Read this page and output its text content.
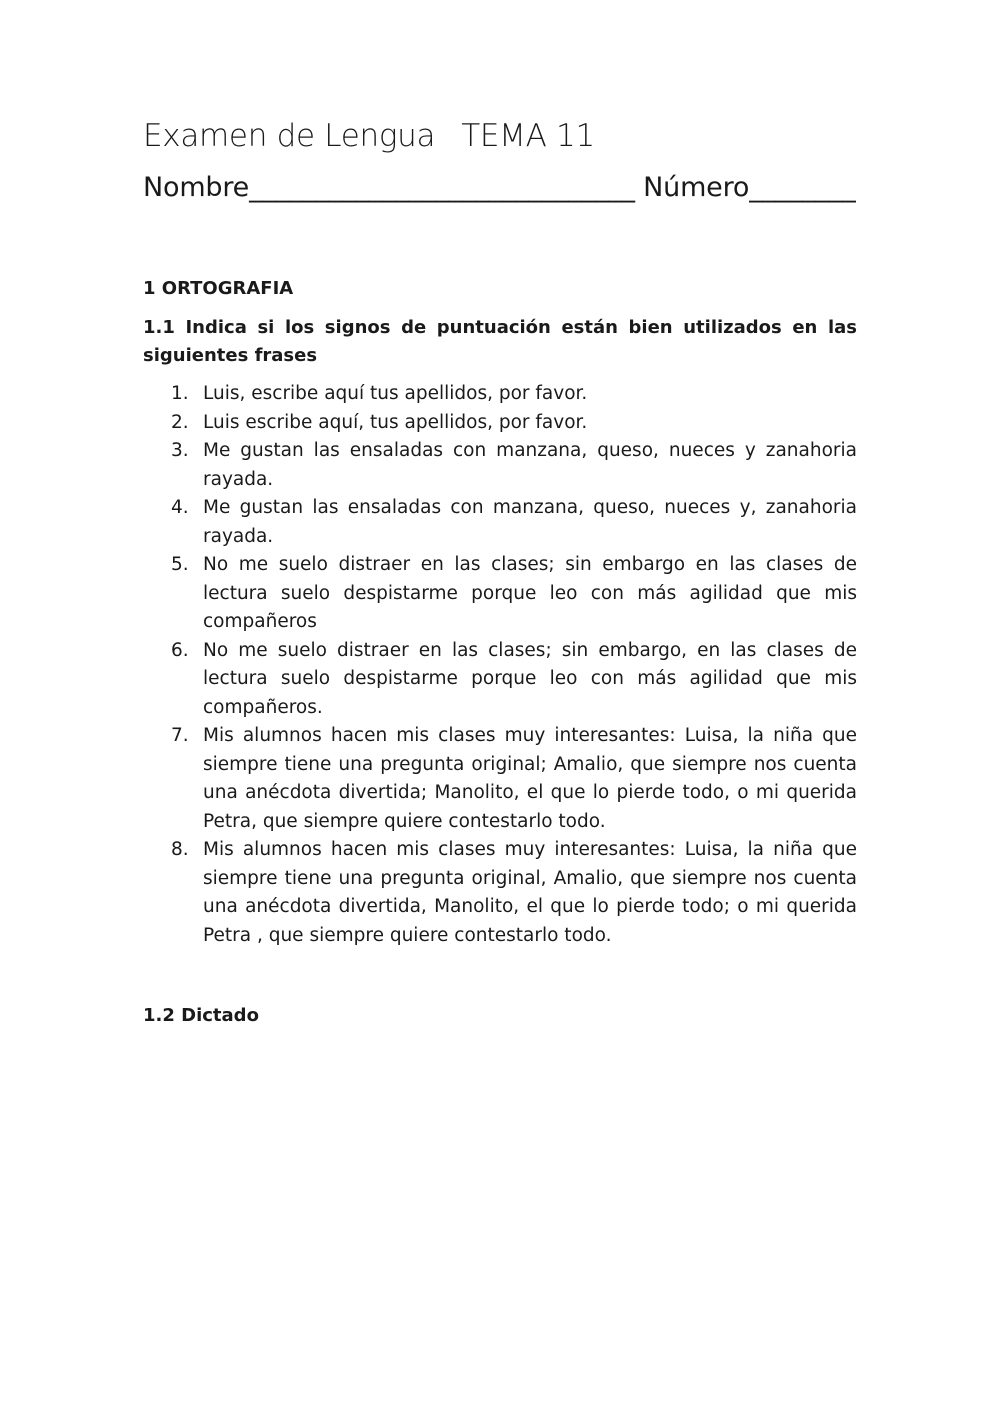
Examen de Lengua TEMA 11
Nombre_____________________________ Número________
1 ORTOGRAFIA
1.1 Indica si los signos de puntuación están bien utilizados en las siguientes frases
1. Luis, escribe aquí tus apellidos, por favor.
2. Luis escribe aquí, tus apellidos, por favor.
3. Me gustan las ensaladas con manzana, queso, nueces y zanahoria rayada.
4. Me gustan las ensaladas con manzana, queso, nueces y, zanahoria rayada.
5. No me suelo distraer en las clases; sin embargo en las clases de lectura suelo despistarme porque leo con más agilidad que mis compañeros
6. No me suelo distraer en las clases; sin embargo, en las clases de lectura suelo despistarme porque leo con más agilidad que mis compañeros.
7. Mis alumnos hacen mis clases muy interesantes: Luisa, la niña que siempre tiene una pregunta original; Amalio, que siempre nos cuenta una anécdota divertida; Manolito, el que lo pierde todo, o mi querida Petra, que siempre quiere contestarlo todo.
8. Mis alumnos hacen mis clases muy interesantes: Luisa, la niña que siempre tiene una pregunta original, Amalio, que siempre nos cuenta una anécdota divertida, Manolito, el que lo pierde todo; o mi querida Petra , que siempre quiere contestarlo todo.
1.2 Dictado
